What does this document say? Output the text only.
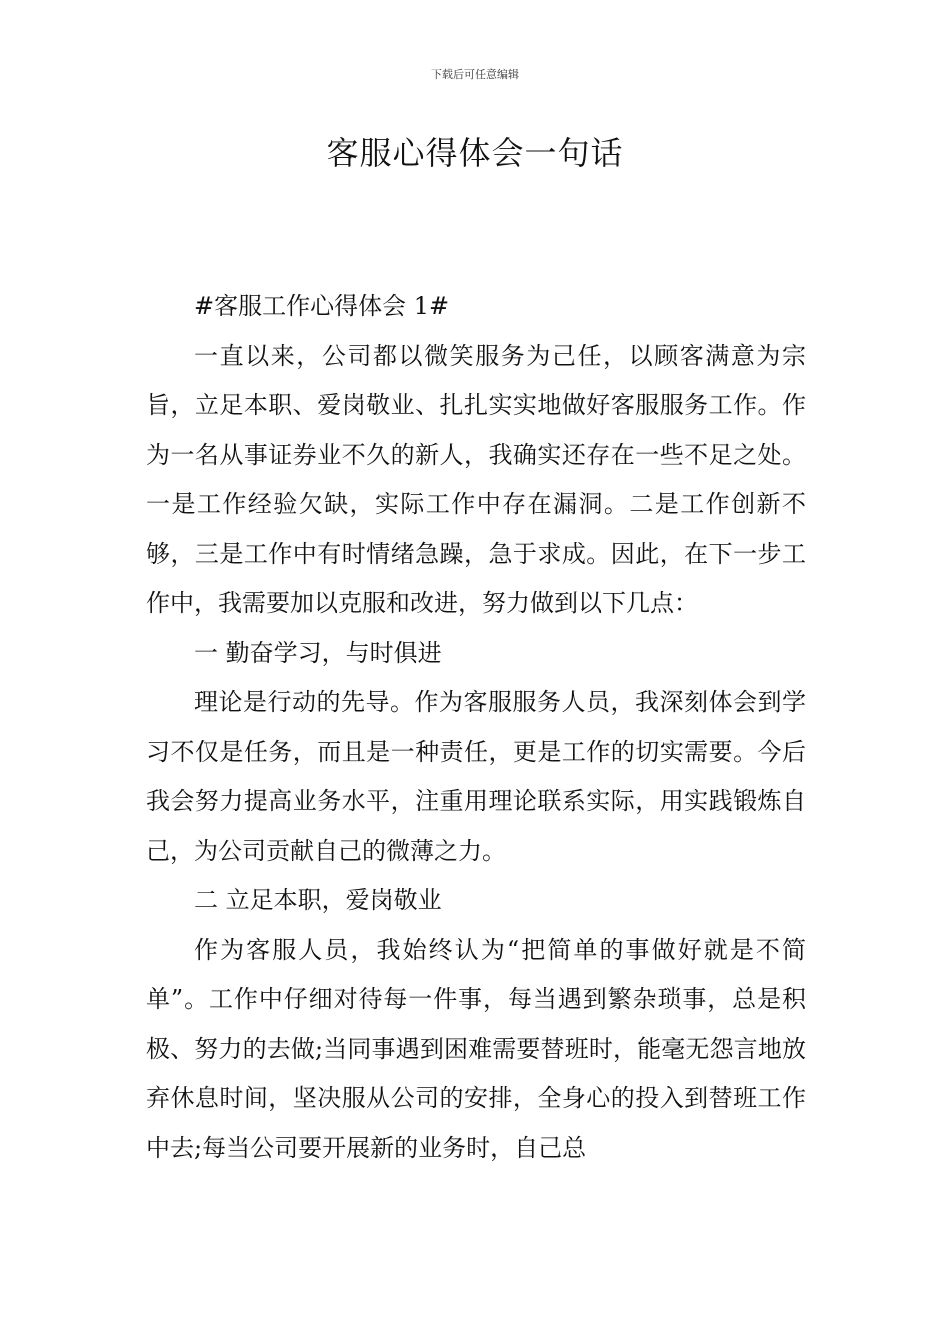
下载后可任意编辑
客服心得体会一句话

#客服工作心得体会 1#

一直以来，公司都以微笑服务为己任，以顾客满意为宗旨，立足本职、爱岗敬业、扎扎实实地做好客服服务工作。作为一名从事证券业不久的新人，我确实还存在一些不足之处。一是工作经验欠缺，实际工作中存在漏洞。二是工作创新不够，三是工作中有时情绪急躁，急于求成。因此，在下一步工作中，我需要加以克服和改进，努力做到以下几点：

一 勤奋学习，与时俱进

理论是行动的先导。作为客服服务人员，我深刻体会到学习不仅是任务，而且是一种责任，更是工作的切实需要。今后我会努力提高业务水平，注重用理论联系实际，用实践锻炼自己，为公司贡献自己的微薄之力。

二 立足本职，爱岗敬业

作为客服人员，我始终认为“把简单的事做好就是不简单”。工作中仔细对待每一件事，每当遇到繁杂琐事，总是积极、努力的去做;当同事遇到困难需要替班时，能毫无怨言地放弃休息时间，坚决服从公司的安排，全身心的投入到替班工作中去;每当公司要开展新的业务时，自己总
